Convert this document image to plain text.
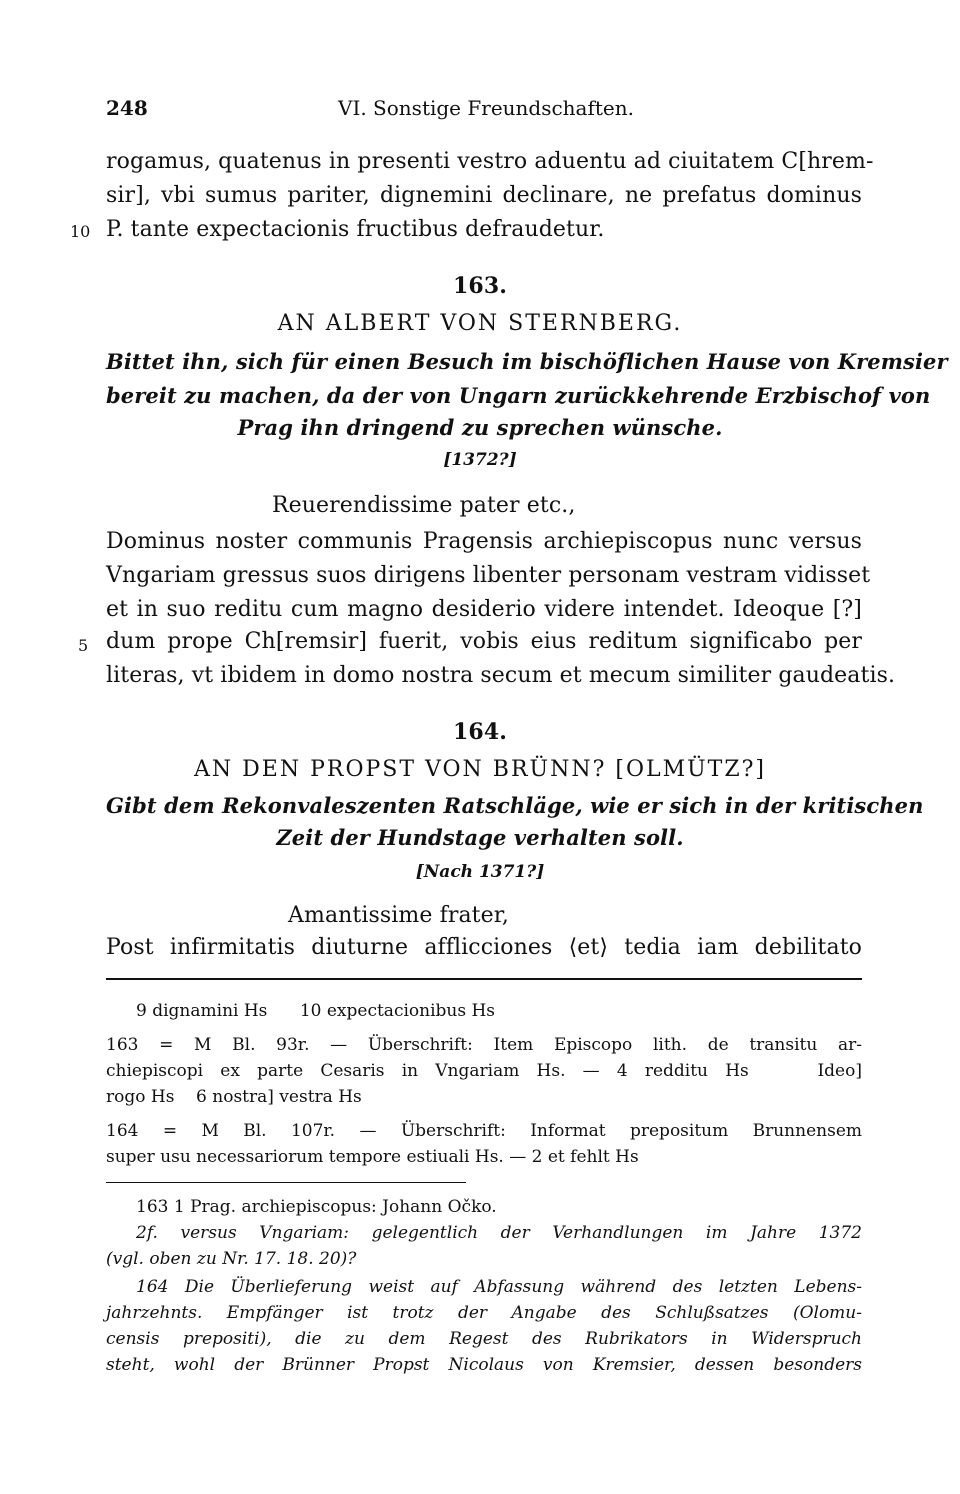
248	VI. Sonstige Freundschaften.
rogamus, quatenus in presenti vestro aduentu ad ciuitatem C[hrem-
sir], vbi sumus pariter, dignemini declinare, ne prefatus dominus
10 P. tante expectacionis fructibus defraudetur.
163.
AN ALBERT VON STERNBERG.
Bittet ihn, sich für einen Besuch im bischöflichen Hause von Kremsier
bereit zu machen, da der von Ungarn zurückkehrende Erzbischof von
Prag ihn dringend zu sprechen wünsche.
[1372?]
Reuerendissime pater etc.,
Dominus noster communis Pragensis archiepiscopus nunc versus
Vngariam gressus suos dirigens libenter personam vestram vidisset
et in suo reditu cum magno desiderio videre intendet. Ideoque [?]
5 dum prope Ch[remsir] fuerit, vobis eius reditum significabo per
literas, vt ibidem in domo nostra secum et mecum similiter gaudeatis.
164.
AN DEN PROPST VON BRÜNN? [OLMÜTZ?]
Gibt dem Rekonvaleszenten Ratschläge, wie er sich in der kritischen
Zeit der Hundstage verhalten soll.
[Nach 1371?]
Amantissime frater,
Post infirmitatis diuturne afflicciones ⟨et⟩ tedia iam debilitato
9 dignamini Hs      10 expectacionibus Hs
163 = M Bl. 93r. — Überschrift: Item Episcopo lith. de transitu ar-
chiepiscopi ex parte Cesaris in Vngariam Hs. — 4 redditu Hs    Ideo]
rogo Hs    6 nostra] vestra Hs
164 = M Bl. 107r. — Überschrift: Informat prepositum Brunnensem
super usu necessariorum tempore estiuali Hs. — 2 et fehlt Hs
163 1 Prag. archiepiscopus: Johann Očko.
2f. versus Vngariam: gelegentlich der Verhandlungen im Jahre 1372
(vgl. oben zu Nr. 17. 18. 20)?
164 Die Überlieferung weist auf Abfassung während des letzten Lebens-
jahrzehnts. Empfänger ist trotz der Angabe des Schlußsatzes (Olomu-
censis prepositi), die zu dem Regest des Rubrikators in Widerspruch
steht, wohl der Brünner Propst Nicolaus von Kremsier, dessen besonders
